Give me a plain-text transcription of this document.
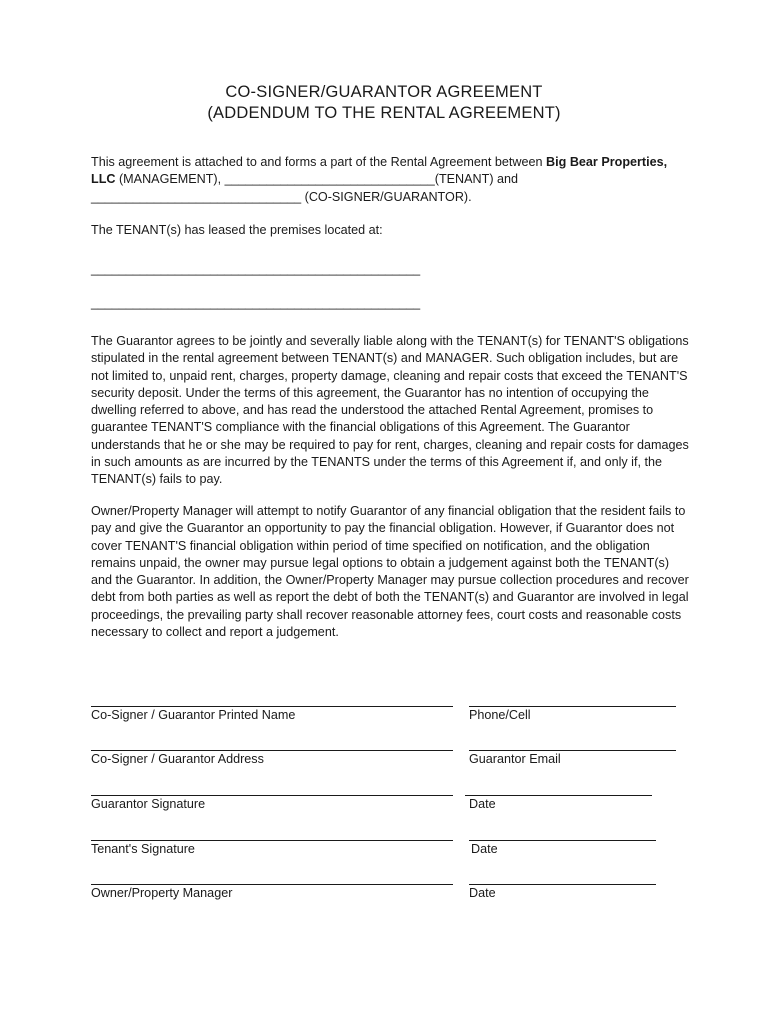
CO-SIGNER/GUARANTOR AGREEMENT
(ADDENDUM TO THE RENTAL AGREEMENT)

This agreement is attached to and forms a part of the Rental Agreement between Big Bear Properties, LLC (MANAGEMENT), ______________________________(TENANT) and ______________________________ (CO-SIGNER/GUARANTOR).

The TENANT(s) has leased the premises located at:

_______________________________________________

_______________________________________________

The Guarantor agrees to be jointly and severally liable along with the TENANT(s) for TENANT'S obligations stipulated in the rental agreement between TENANT(s) and MANAGER. Such obligation includes, but are not limited to, unpaid rent, charges, property damage, cleaning and repair costs that exceed the TENANT'S security deposit. Under the terms of this agreement, the Guarantor has no intention of occupying the dwelling referred to above, and has read the understood the attached Rental Agreement, promises to guarantee TENANT'S compliance with the financial obligations of this Agreement. The Guarantor understands that he or she may be required to pay for rent, charges, cleaning and repair costs for damages in such amounts as are incurred by the TENANTS under the terms of this Agreement if, and only if, the TENANT(s) fails to pay.

Owner/Property Manager will attempt to notify Guarantor of any financial obligation that the resident fails to pay and give the Guarantor an opportunity to pay the financial obligation. However, if Guarantor does not cover TENANT'S financial obligation within period of time specified on notification, and the obligation remains unpaid, the owner may pursue legal options to obtain a judgement against both the TENANT(s) and the Guarantor. In addition, the Owner/Property Manager may pursue collection procedures and recover debt from both parties as well as report the debt of both the TENANT(s) and Guarantor are involved in legal proceedings, the prevailing party shall recover reasonable attorney fees, court costs and reasonable costs necessary to collect and report a judgement.

Co-Signer / Guarantor Printed Name	Phone/Cell

Co-Signer / Guarantor Address	Guarantor Email

Guarantor Signature	Date

Tenant's Signature	Date

Owner/Property Manager	Date
